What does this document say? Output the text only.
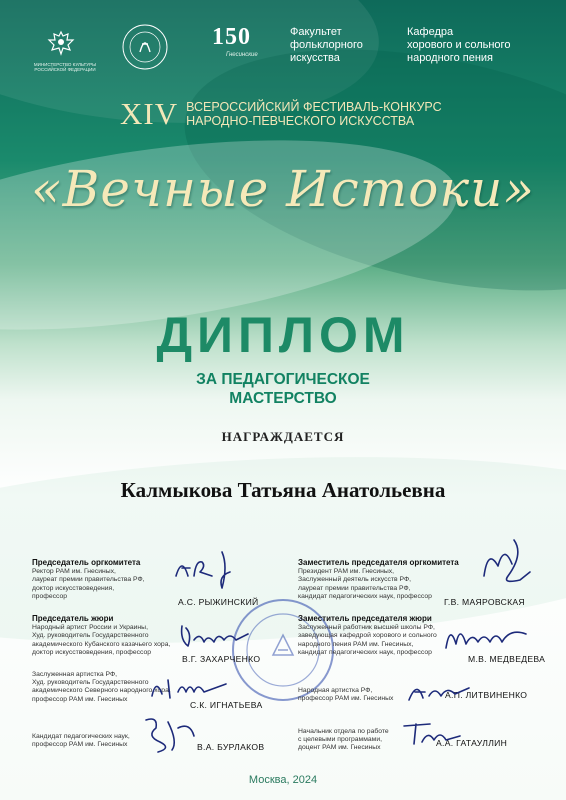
МИНИСТЕРСТВО КУЛЬТУРЫ РОССИЙСКОЙ ФЕДЕРАЦИИ
150
Гнесинские
Факультет
фольклорного
искусства
Кафедра
хорового и сольного
народного пения
XIV ВСЕРОССИЙСКИЙ ФЕСТИВАЛЬ-КОНКУРС
НАРОДНО-ПЕВЧЕСКОГО ИСКУССТВА
«Вечные Истоки»
ДИПЛОМ
ЗА ПЕДАГОГИЧЕСКОЕ
МАСТЕРСТВО
НАГРАЖДАЕТСЯ
Калмыкова Татьяна Анатольевна
Председатель оргкомитета
Ректор РАМ им. Гнесиных,
лауреат премии правительства РФ,
доктор искусствоведения,
профессор
А.С. РЫЖИНСКИЙ
Председатель жюри
Народный артист России и Украины,
Худ. руководитель Государственного
академического Кубанского казачьего хора,
доктор искусствоведения, профессор
В.Г. ЗАХАРЧЕНКО
Заслуженная артистка РФ,
Худ. руководитель Государственного
академического Северного народного хора,
профессор РАМ им. Гнесиных
С.К. ИГНАТЬЕВА
Кандидат педагогических наук,
профессор РАМ им. Гнесиных	В.А. БУРЛАКОВ
Заместитель председателя оргкомитета
Президент РАМ им. Гнесиных,
Заслуженный деятель искусств РФ,
лауреат премии правительства РФ,
кандидат педагогических наук, профессор
Г.В. МАЯРОВСКАЯ
Заместитель председателя жюри
Заслуженный работник высшей школы РФ,
заведующая кафедрой хорового и сольного
народного пения РАМ им. Гнесиных,
кандидат педагогических наук, профессор
М.В. МЕДВЕДЕВА
Народная артистка РФ,
профессор РАМ им. Гнесиных	А.П. ЛИТВИНЕНКО
Начальник отдела по работе
с целевыми программами,
доцент РАМ им. Гнесиных	А.А. ГАТАУЛЛИН
Москва, 2024
